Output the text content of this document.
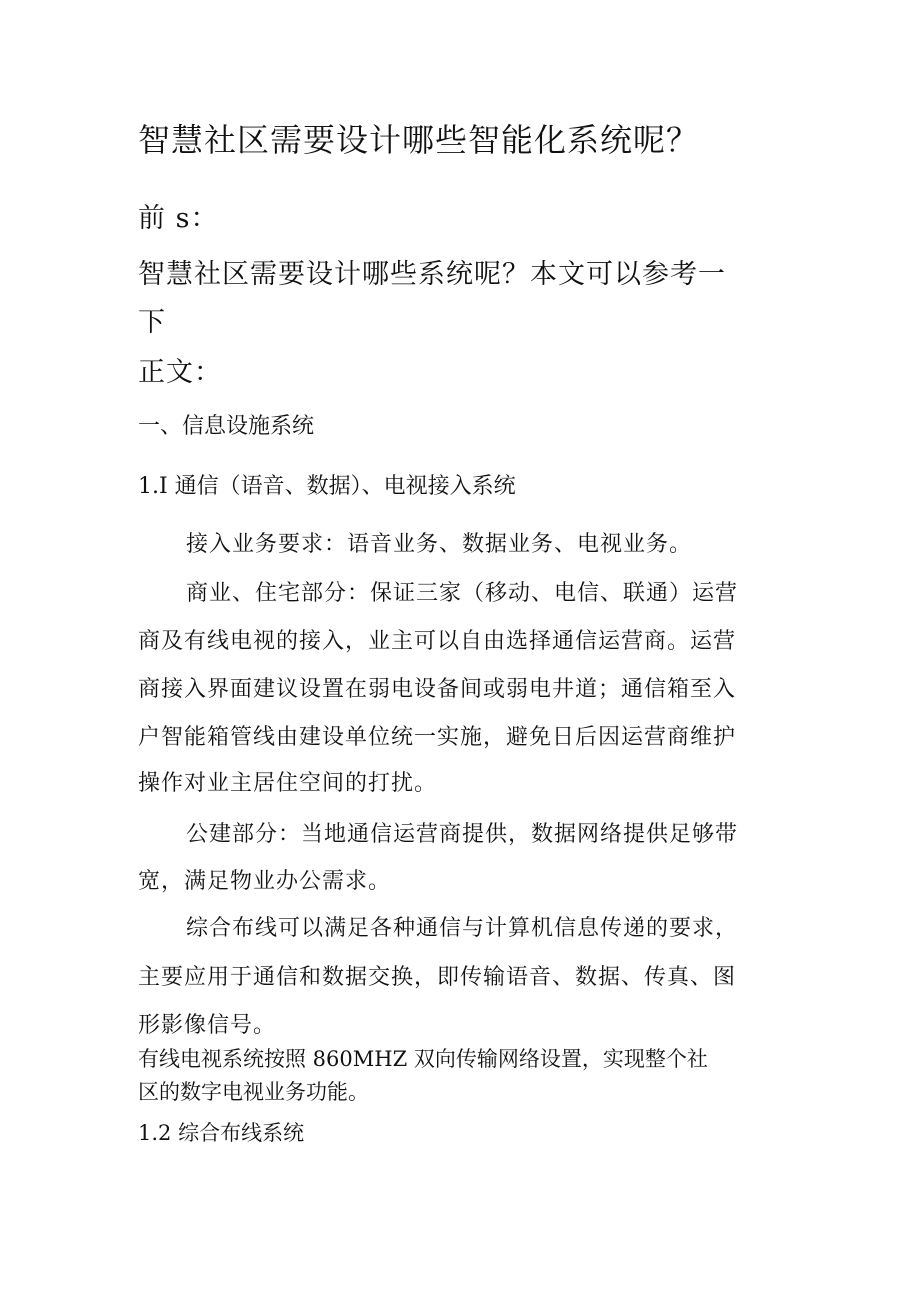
智慧社区需要设计哪些智能化系统呢？

前 s：

智慧社区需要设计哪些系统呢？本文可以参考一

下

正文：

一、信息设施系统
1.I 通信（语音、数据）、电视接入系统

接入业务要求：语音业务、数据业务、电视业务。

商业、住宅部分：保证三家（移动、电信、联通）运营

商及有线电视的接入，业主可以自由选择通信运营商。运营

商接入界面建议设置在弱电设备间或弱电井道；通信箱至入

户智能箱管线由建设单位统一实施，避免日后因运营商维护

操作对业主居住空间的打扰。

公建部分：当地通信运营商提供，数据网络提供足够带

宽，满足物业办公需求。

综合布线可以满足各种通信与计算机信息传递的要求，

主要应用于通信和数据交换，即传输语音、数据、传真、图

形影像信号。

有线电视系统按照 860MHZ 双向传输网络设置，实现整个社

区的数字电视业务功能。

1.2 综合布线系统
